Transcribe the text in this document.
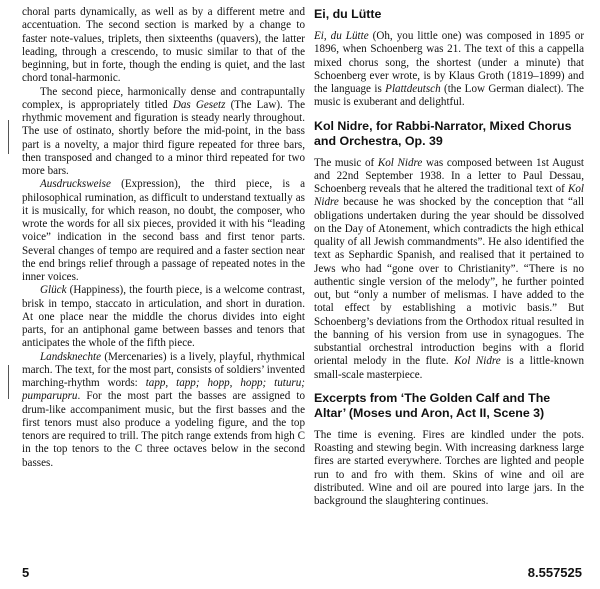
choral parts dynamically, as well as by a different metre and accentuation. The second section is marked by a change to faster note-values, triplets, then sixteenths (quavers), the latter leading, through a crescendo, to music similar to that of the beginning, but in forte, though the ending is quiet, and the last chord tonal-harmonic.

The second piece, harmonically dense and contrapuntally complex, is appropriately titled Das Gesetz (The Law). The rhythmic movement and figuration is steady nearly throughout. The use of ostinato, shortly before the mid-point, in the bass part is a novelty, a major third figure repeated for three bars, then transposed and changed to a minor third repeated for two more bars.

Ausdrucksweise (Expression), the third piece, is a philosophical rumination, as difficult to understand textually as it is musically, for which reason, no doubt, the composer, who wrote the words for all six pieces, provided it with his “leading voice” indication in the second bass and first tenor parts. Several changes of tempo are required and a faster section near the end brings relief through a passage of repeated notes in the inner voices.

Glück (Happiness), the fourth piece, is a welcome contrast, brisk in tempo, staccato in articulation, and short in duration. At one place near the middle the chorus divides into eight parts, for an antiphonal game between basses and tenors that anticipates the whole of the fifth piece.

Landsknechte (Mercenaries) is a lively, playful, rhythmical march. The text, for the most part, consists of soldiers’ invented marching-rhythm words: tapp, tapp; hopp, hopp; tuturu; pumparupru. For the most part the basses are assigned to drum-like accompaniment music, but the first basses and the first tenors must also produce a yodeling figure, and the top tenors are required to trill. The pitch range extends from high C in the top tenors to the C three octaves below in the second basses.

Ei, du Lütte

Ei, du Lütte (Oh, you little one) was composed in 1895 or 1896, when Schoenberg was 21. The text of this a cappella mixed chorus song, the shortest (under a minute) that Schoenberg ever wrote, is by Klaus Groth (1819–1899) and the language is Plattdeutsch (the Low German dialect). The music is exuberant and delightful.

Kol Nidre, for Rabbi-Narrator, Mixed Chorus and Orchestra, Op. 39

The music of Kol Nidre was composed between 1st August and 22nd September 1938. In a letter to Paul Dessau, Schoenberg reveals that he altered the traditional text of Kol Nidre because he was shocked by the conception that “all obligations undertaken during the year should be dissolved on the Day of Atonement, which contradicts the high ethical quality of all Jewish commandments”. He also identified the text as Sephardic Spanish, and realised that it pertained to Jews who had “gone over to Christianity”. “There is no authentic single version of the melody”, he further pointed out, but “only a number of melismas. I have added to the total effect by establishing a motivic basis.” But Schoenberg’s deviations from the Orthodox ritual resulted in the banning of his version from use in synagogues. The substantial orchestral introduction begins with a florid oriental melody in the flute. Kol Nidre is a little-known small-scale masterpiece.

Excerpts from ‘The Golden Calf and The Altar’ (Moses und Aron, Act II, Scene 3)

The time is evening. Fires are kindled under the pots. Roasting and stewing begin. With increasing darkness large fires are started everywhere. Torches are lighted and people run to and fro with them. Skins of wine and oil are distributed. Wine and oil are poured into large jars. In the background the slaughtering continues.

5	8.557525
